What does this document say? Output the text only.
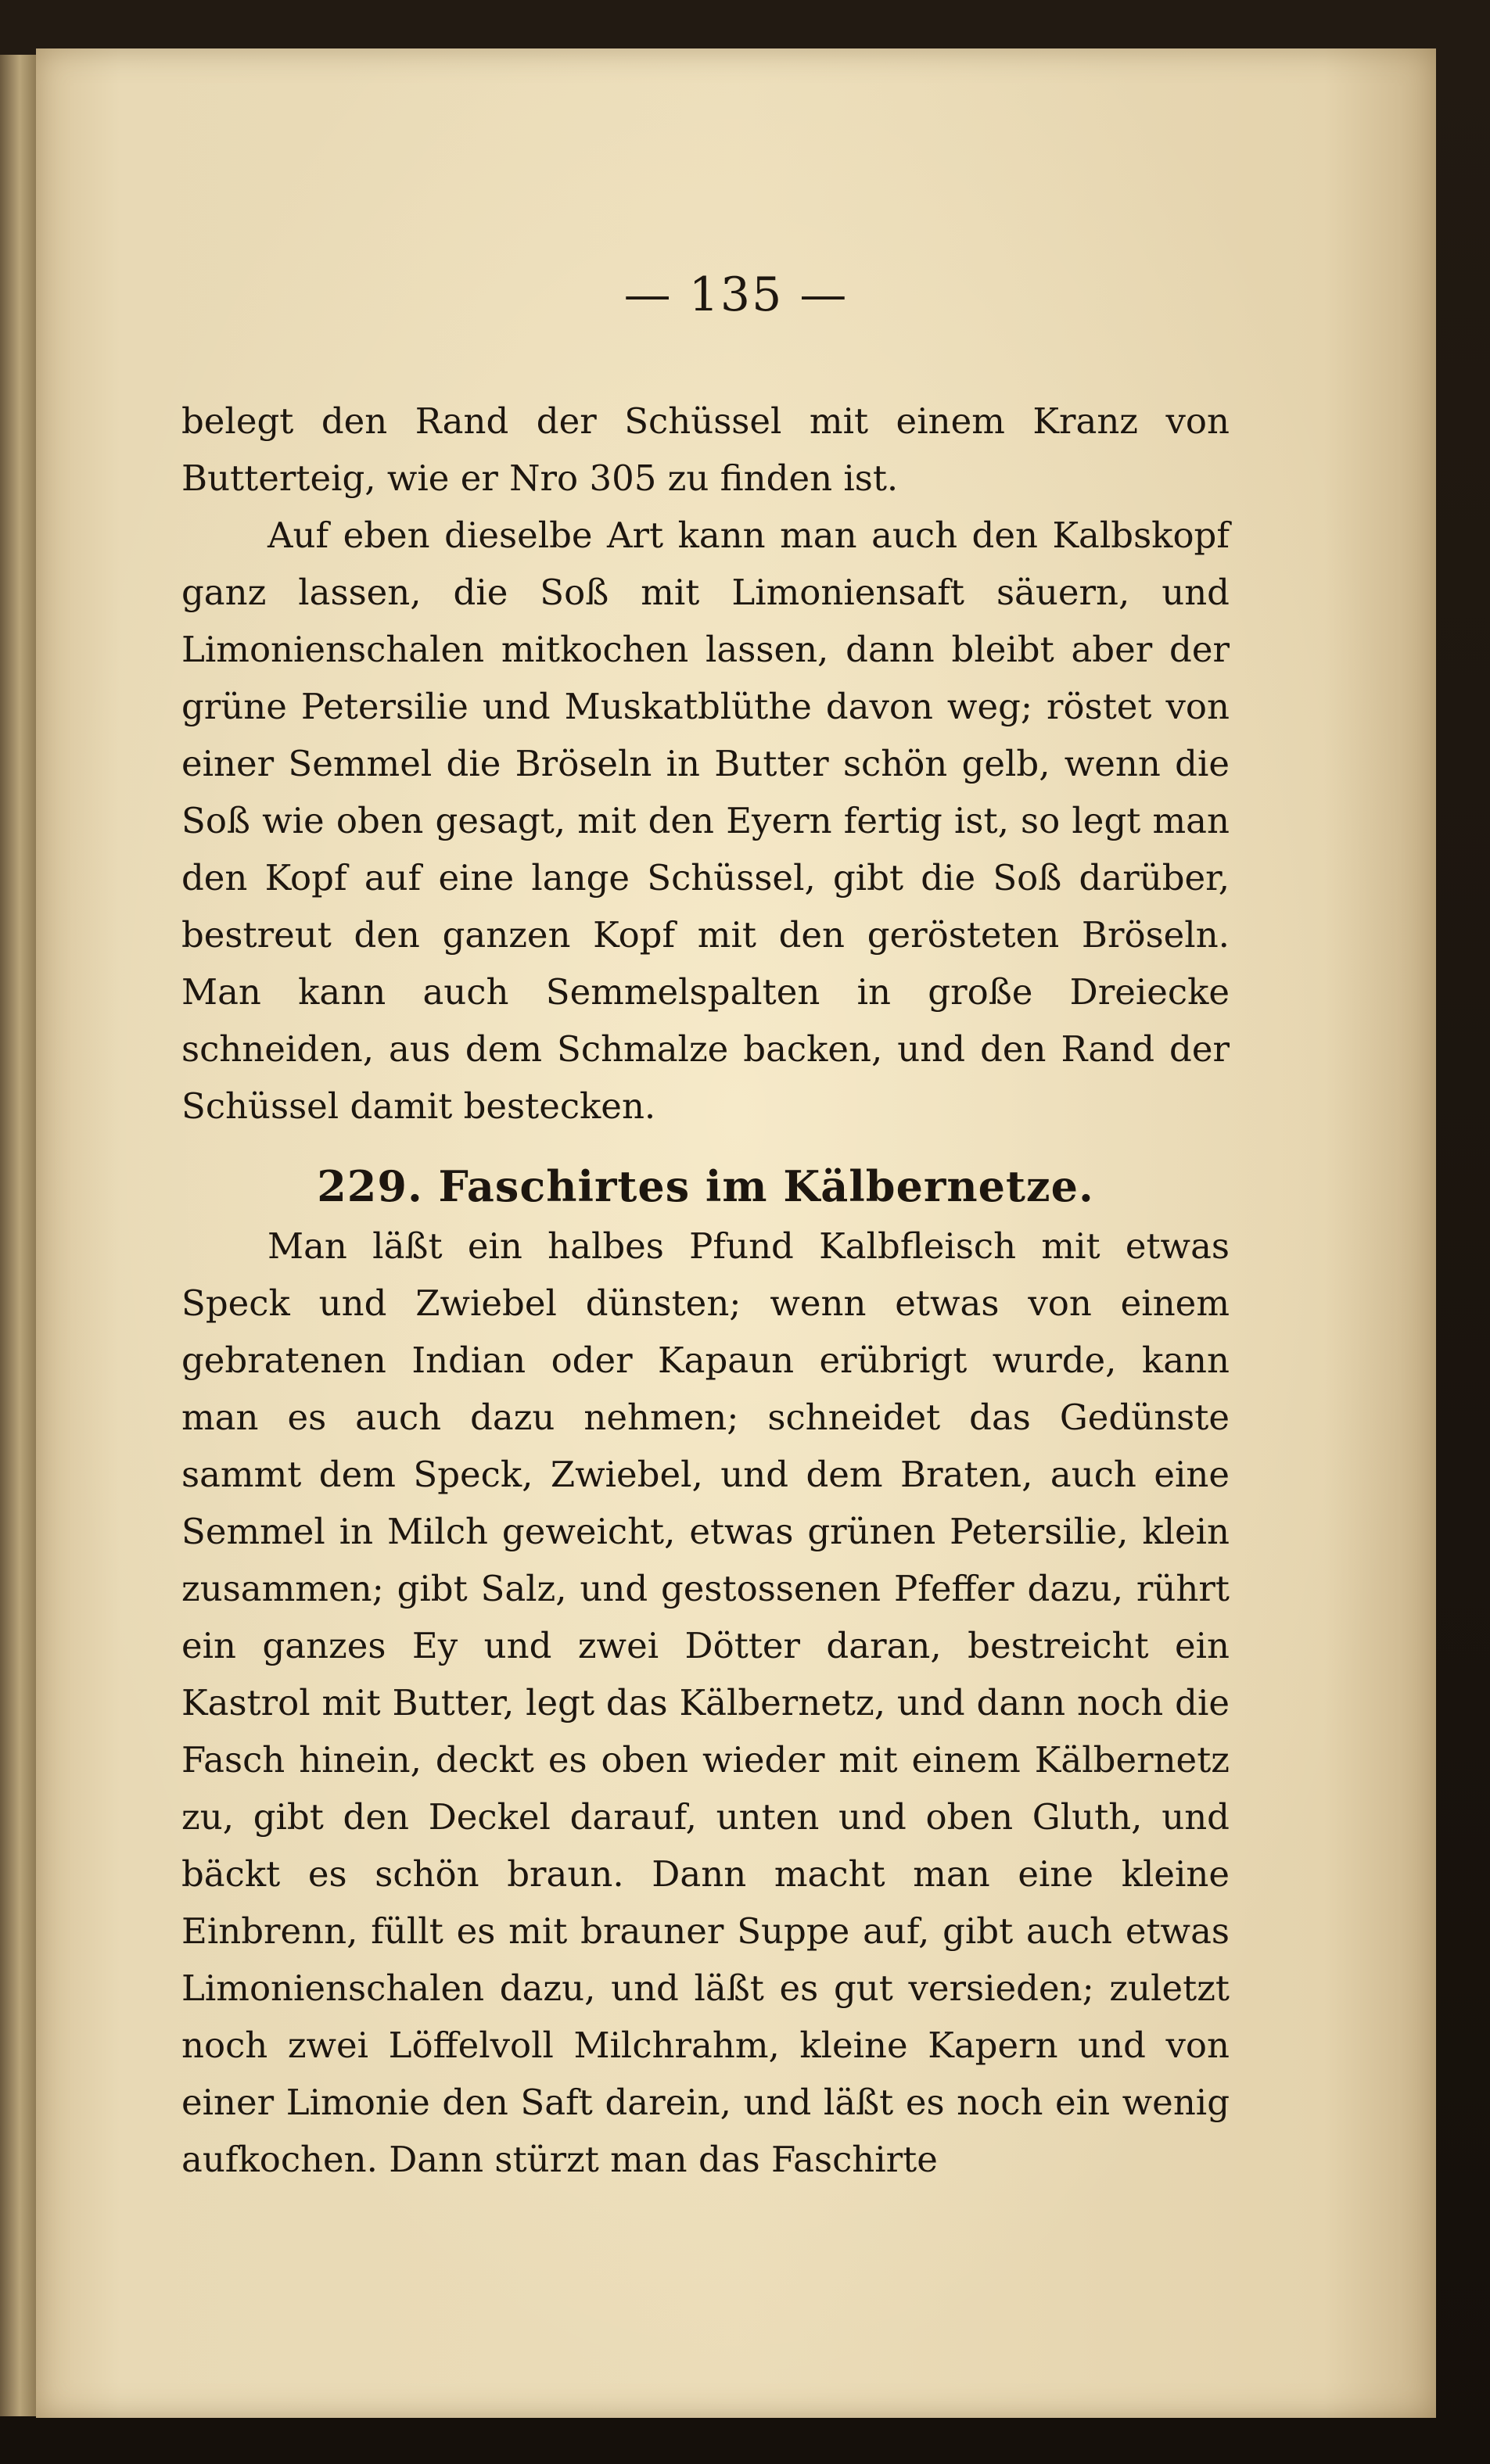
— 135 —

belegt den Rand der Schüssel mit einem Kranz von Butterteig, wie er Nro 305 zu finden ist.

Auf eben dieselbe Art kann man auch den Kalbskopf ganz lassen, die Soß mit Limoniensaft säuern, und Limonienschalen mitkochen lassen, dann bleibt aber der grüne Petersilie und Muskatblüthe davon weg; röstet von einer Semmel die Bröseln in Butter schön gelb, wenn die Soß wie oben gesagt, mit den Eyern fertig ist, so legt man den Kopf auf eine lange Schüssel, gibt die Soß darüber, bestreut den ganzen Kopf mit den gerösteten Bröseln. Man kann auch Semmelspalten in große Dreiecke schneiden, aus dem Schmalze backen, und den Rand der Schüssel damit bestecken.

229. Faschirtes im Kälbernetze.

Man läßt ein halbes Pfund Kalbfleisch mit etwas Speck und Zwiebel dünsten; wenn etwas von einem gebratenen Indian oder Kapaun erübrigt wurde, kann man es auch dazu nehmen; schneidet das Gedünste sammt dem Speck, Zwiebel, und dem Braten, auch eine Semmel in Milch geweicht, etwas grünen Petersilie, klein zusammen; gibt Salz, und gestossenen Pfeffer dazu, rührt ein ganzes Ey und zwei Dötter daran, bestreicht ein Kastrol mit Butter, legt das Kälbernetz, und dann noch die Fasch hinein, deckt es oben wieder mit einem Kälbernetz zu, gibt den Deckel darauf, unten und oben Gluth, und bäckt es schön braun. Dann macht man eine kleine Einbrenn, füllt es mit brauner Suppe auf, gibt auch etwas Limonienschalen dazu, und läßt es gut versieden; zuletzt noch zwei Löffelvoll Milchrahm, kleine Kapern und von einer Limonie den Saft darein, und läßt es noch ein wenig aufkochen. Dann stürzt man das Faschirte
